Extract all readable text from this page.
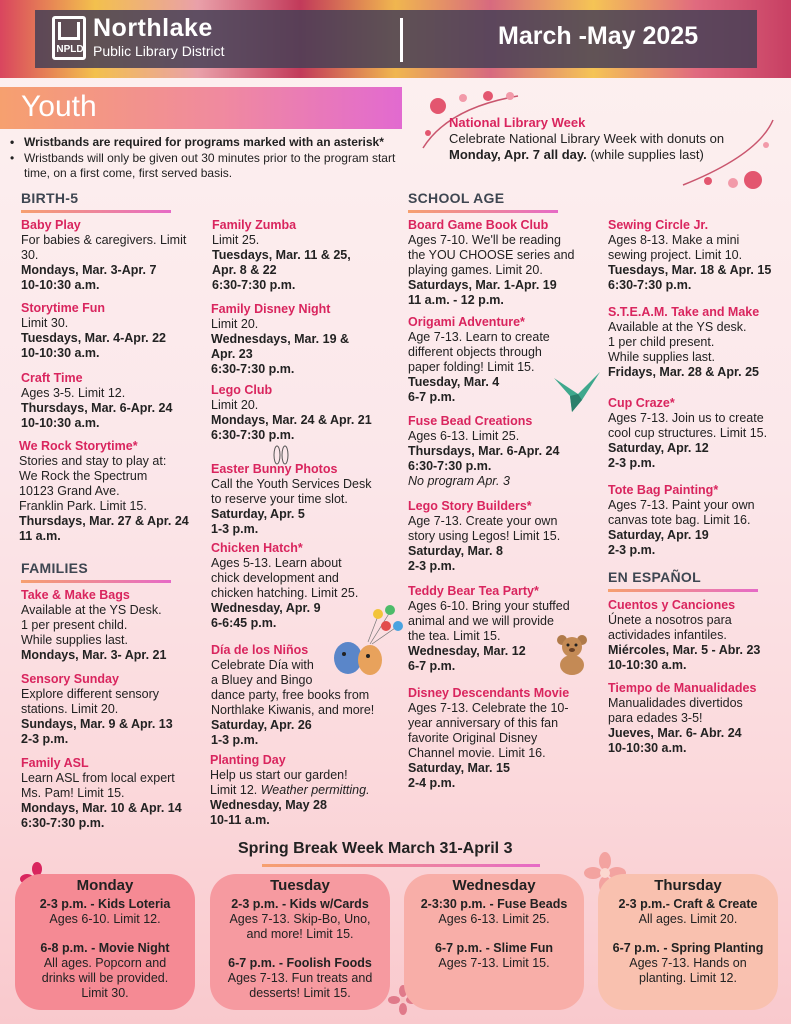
NPLD
Northlake
Public Library District
March -May 2025
Youth
• Wristbands are required for programs marked with an asterisk*
• Wristbands will only be given out 30 minutes prior to the program start time, on a first come, first served basis.
National Library Week
Celebrate National Library Week with donuts on Monday, Apr. 7 all day. (while supplies last)
BIRTH-5
FAMILIES
SCHOOL AGE
EN ESPAÑOL
Baby Play
For babies & caregivers. Limit 30.
Mondays, Mar. 3-Apr. 7
10-10:30 a.m.
Storytime Fun
Limit 30.
Tuesdays, Mar. 4-Apr. 22
10-10:30 a.m.
Craft Time
Ages 3-5. Limit 12.
Thursdays, Mar. 6-Apr. 24
10-10:30 a.m.
We Rock Storytime*
Stories and stay to play at:
We Rock the Spectrum
10123 Grand Ave.
Franklin Park. Limit 15.
Thursdays, Mar. 27 & Apr. 24
11 a.m.
Take & Make Bags
Available at the YS Desk.
1 per present child.
While supplies last.
Mondays, Mar. 3- Apr. 21
Sensory Sunday
Explore different sensory
stations. Limit 20.
Sundays, Mar. 9 & Apr. 13
2-3 p.m.
Family ASL
Learn ASL from local expert
Ms. Pam! Limit 15.
Mondays, Mar. 10 & Apr. 14
6:30-7:30 p.m.
Family Zumba
Limit 25.
Tuesdays, Mar. 11 & 25,
Apr. 8 & 22
6:30-7:30 p.m.
Family Disney Night
Limit 20.
Wednesdays, Mar. 19 &
Apr. 23
6:30-7:30 p.m.
Lego Club
Limit 20.
Mondays, Mar. 24 & Apr. 21
6:30-7:30 p.m.
Easter Bunny Photos
Call the Youth Services Desk
to reserve your time slot.
Saturday, Apr. 5
1-3 p.m.
Chicken Hatch*
Ages 5-13. Learn about
chick development and
chicken hatching. Limit 25.
Wednesday, Apr. 9
6-6:45 p.m.
Día de los Niños
Celebrate Día with
a Bluey and Bingo
dance party, free books from
Northlake Kiwanis, and more!
Saturday, Apr. 26
1-3 p.m.
Planting Day
Help us start our garden!
Limit 12. Weather permitting.
Wednesday, May 28
10-11 a.m.
Board Game Book Club
Ages 7-10. We'll be reading
the YOU CHOOSE series and
playing games. Limit 20.
Saturdays, Mar. 1-Apr. 19
11 a.m. - 12 p.m.
Origami Adventure*
Age 7-13. Learn to create
different objects through
paper folding! Limit 15.
Tuesday, Mar. 4
6-7 p.m.
Fuse Bead Creations
Ages 6-13. Limit 25.
Thursdays, Mar. 6-Apr. 24
6:30-7:30 p.m.
No program Apr. 3
Lego Story Builders*
Age 7-13. Create your own
story using Legos! Limit 15.
Saturday, Mar. 8
2-3 p.m.
Teddy Bear Tea Party*
Ages 6-10. Bring your stuffed
animal and we will provide
the tea. Limit 15.
Wednesday, Mar. 12
6-7 p.m.
Disney Descendants Movie
Ages 7-13. Celebrate the 10-
year anniversary of this fan
favorite Original Disney
Channel movie. Limit 16.
Saturday, Mar. 15
2-4 p.m.
Sewing Circle Jr.
Ages 8-13. Make a mini
sewing project. Limit 10.
Tuesdays, Mar. 18 & Apr. 15
6:30-7:30 p.m.
S.T.E.A.M. Take and Make
Available at the YS desk.
1 per child present.
While supplies last.
Fridays, Mar. 28 & Apr. 25
Cup Craze*
Ages 7-13. Join us to create
cool cup structures. Limit 15.
Saturday, Apr. 12
2-3 p.m.
Tote Bag Painting*
Ages 7-13. Paint your own
canvas tote bag. Limit 16.
Saturday, Apr. 19
2-3 p.m.
Cuentos y Canciones
Únete a nosotros para
actividades infantiles.
Miércoles, Mar. 5 - Abr. 23
10-10:30 a.m.
Tiempo de Manualidades
Manualidades divertidos
para edades 3-5!
Jueves, Mar. 6- Abr. 24
10-10:30 a.m.
Spring Break Week March 31-April 3
Monday
2-3 p.m. - Kids Loteria
Ages 6-10. Limit 12.
6-8 p.m. - Movie Night
All ages. Popcorn and
drinks will be provided.
Limit 30.
Tuesday
2-3 p.m. - Kids w/Cards
Ages 7-13. Skip-Bo, Uno,
and more! Limit 15.
6-7 p.m. - Foolish Foods
Ages 7-13. Fun treats and
desserts! Limit 15.
Wednesday
2-3:30 p.m. - Fuse Beads
Ages 6-13. Limit 25.
6-7 p.m. - Slime Fun
Ages 7-13. Limit 15.
Thursday
2-3 p.m.- Craft & Create
All ages. Limit 20.
6-7 p.m. - Spring Planting
Ages 7-13. Hands on
planting. Limit 12.
